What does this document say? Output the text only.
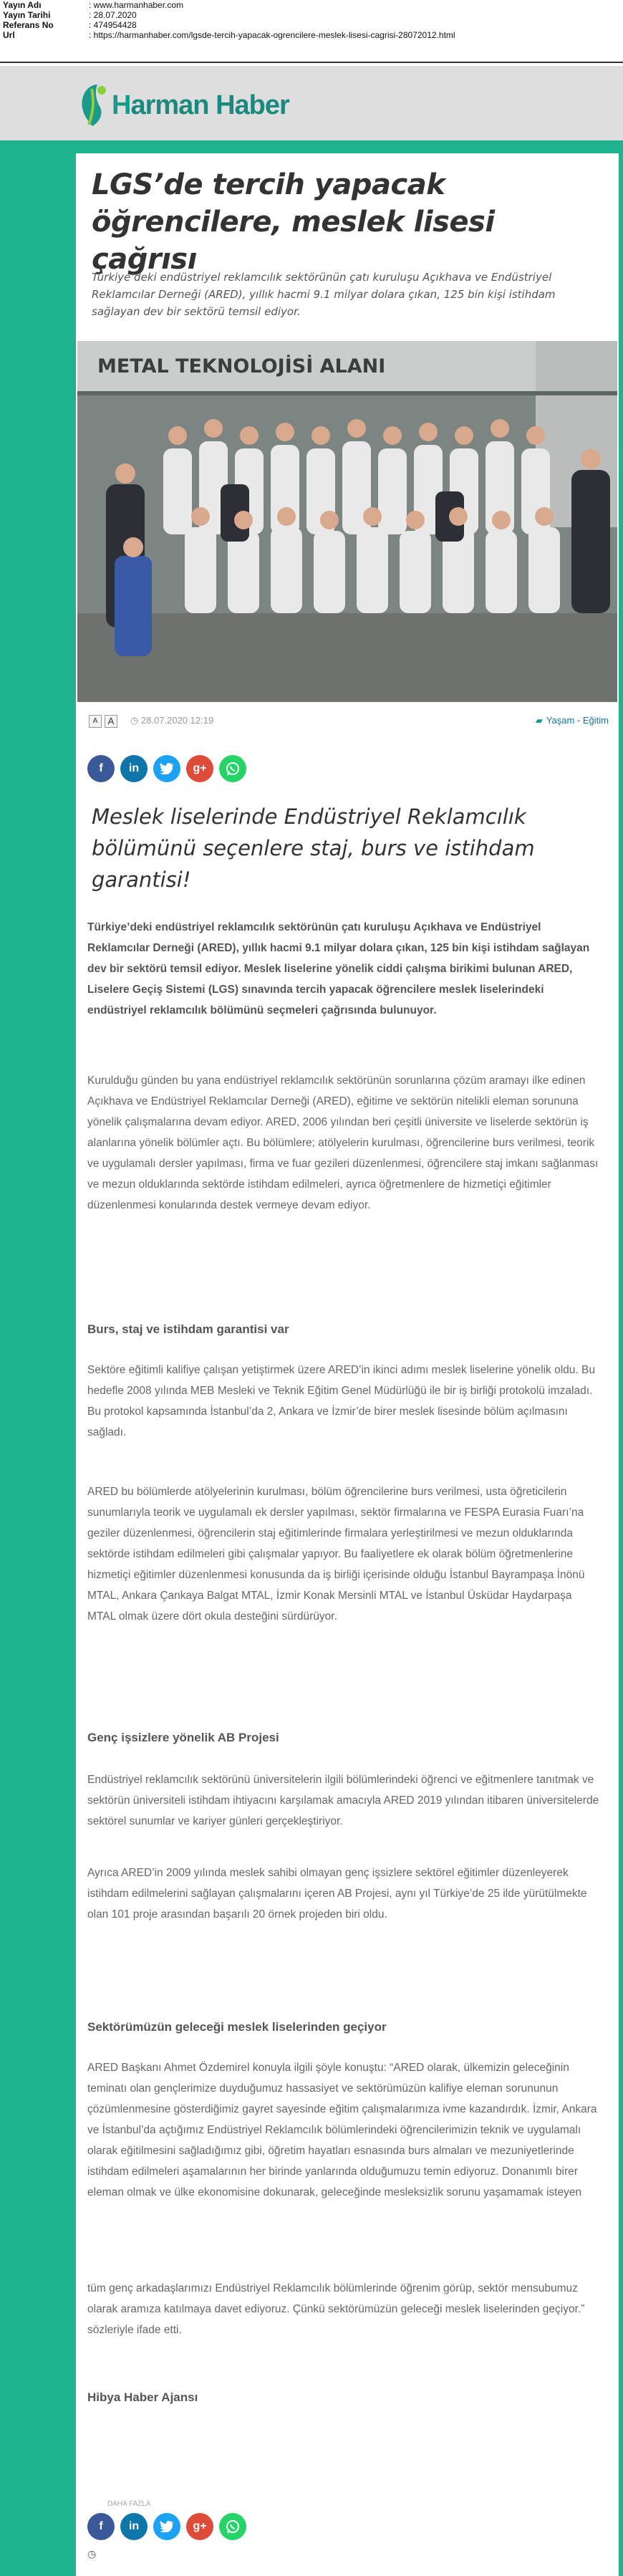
Yayın Adı	: www.harmanhaber.com
Yayın Tarihi	: 28.07.2020
Referans No	: 474954428
Url	: https://harmanhaber.com/lgsde-tercih-yapacak-ogrencilere-meslek-lisesi-cagrisi-28072012.html
Harman Haber
LGS’de tercih yapacak öğrencilere, meslek lisesi çağrısı

Türkiye’deki endüstriyel reklamcılık sektörünün çatı kuruluşu Açıkhava ve Endüstriyel Reklamcılar Derneği (ARED), yıllık hacmi 9.1 milyar dolara çıkan, 125 bin kişi istihdam sağlayan dev bir sektörü temsil ediyor.

METAL TEKNOLOJİSİ ALANI
A	A	◷ 28.07.2020 12:19	▰ Yaşam - Eğitim
f	in	g+
Meslek liselerinde Endüstriyel Reklamcılık bölümünü seçenlere staj, burs ve istihdam garantisi!

Türkiye’deki endüstriyel reklamcılık sektörünün çatı kuruluşu Açıkhava ve Endüstriyel Reklamcılar Derneği (ARED), yıllık hacmi 9.1 milyar dolara çıkan, 125 bin kişi istihdam sağlayan dev bir sektörü temsil ediyor. Meslek liselerine yönelik ciddi çalışma birikimi bulunan ARED, Liselere Geçiş Sistemi (LGS) sınavında tercih yapacak öğrencilere meslek liselerindeki endüstriyel reklamcılık bölümünü seçmeleri çağrısında bulunuyor.

Kurulduğu günden bu yana endüstriyel reklamcılık sektörünün sorunlarına çözüm aramayı ilke edinen Açıkhava ve Endüstriyel Reklamcılar Derneği (ARED), eğitime ve sektörün nitelikli eleman sorununa yönelik çalışmalarına devam ediyor. ARED, 2006 yılından beri çeşitli üniversite ve liselerde sektörün iş alanlarına yönelik bölümler açtı. Bu bölümlere; atölyelerin kurulması, öğrencilerine burs verilmesi, teorik ve uygulamalı dersler yapılması, firma ve fuar gezileri düzenlenmesi, öğrencilere staj imkanı sağlanması ve mezun olduklarında sektörde istihdam edilmeleri, ayrıca öğretmenlere de hizmetiçi eğitimler düzenlenmesi konularında destek vermeye devam ediyor.

Burs, staj ve istihdam garantisi var

Sektöre eğitimli kalifiye çalışan yetiştirmek üzere ARED’in ikinci adımı meslek liselerine yönelik oldu. Bu hedefle 2008 yılında MEB Mesleki ve Teknik Eğitim Genel Müdürlüğü ile bir iş birliği protokolü imzaladı. Bu protokol kapsamında İstanbul’da 2, Ankara ve İzmir’de birer meslek lisesinde bölüm açılmasını sağladı.

ARED bu bölümlerde atölyelerinin kurulması, bölüm öğrencilerine burs verilmesi, usta öğreticilerin sunumlarıyla teorik ve uygulamalı ek dersler yapılması, sektör firmalarına ve FESPA Eurasia Fuarı’na geziler düzenlenmesi, öğrencilerin staj eğitimlerinde firmalara yerleştirilmesi ve mezun olduklarında sektörde istihdam edilmeleri gibi çalışmalar yapıyor. Bu faaliyetlere ek olarak bölüm öğretmenlerine hizmetiçi eğitimler düzenlenmesi konusunda da iş birliği içerisinde olduğu İstanbul Bayrampaşa İnönü MTAL, Ankara Çankaya Balgat MTAL, İzmir Konak Mersinli MTAL ve İstanbul Üsküdar Haydarpaşa MTAL olmak üzere dört okula desteğini sürdürüyor.

Genç işsizlere yönelik AB Projesi

Endüstriyel reklamcılık sektörünü üniversitelerin ilgili bölümlerindeki öğrenci ve eğitmenlere tanıtmak ve sektörün üniversiteli istihdam ihtiyacını karşılamak amacıyla ARED 2019 yılından itibaren üniversitelerde sektörel sunumlar ve kariyer günleri gerçekleştiriyor.

Ayrıca ARED’in 2009 yılında meslek sahibi olmayan genç işsizlere sektörel eğitimler düzenleyerek istihdam edilmelerini sağlayan çalışmalarını içeren AB Projesi, aynı yıl Türkiye’de 25 ilde yürütülmekte olan 101 proje arasından başarılı 20 örnek projeden biri oldu.

Sektörümüzün geleceği meslek liselerinden geçiyor

ARED Başkanı Ahmet Özdemirel konuyla ilgili şöyle konuştu: “ARED olarak, ülkemizin geleceğinin teminatı olan gençlerimize duyduğumuz hassasiyet ve sektörümüzün kalifiye eleman sorununun çözümlenmesine gösterdiğimiz gayret sayesinde eğitim çalışmalarımıza ivme kazandırdık. İzmir, Ankara ve İstanbul’da açtığımız Endüstriyel Reklamcılık bölümlerindeki öğrencilerimizin teknik ve uygulamalı olarak eğitilmesini sağladığımız gibi, öğretim hayatları esnasında burs almaları ve mezuniyetlerinde istihdam edilmeleri aşamalarının her birinde yanlarında olduğumuzu temin ediyoruz. Donanımlı birer eleman olmak ve ülke ekonomisine dokunarak, geleceğinde mesleksizlik sorunu yaşamamak isteyen

tüm genç arkadaşlarımızı Endüstriyel Reklamcılık bölümlerinde öğrenim görüp, sektör mensubumuz olarak aramıza katılmaya davet ediyoruz. Çünkü sektörümüzün geleceği meslek liselerinden geçiyor.” sözleriyle ifade etti.

Hibya Haber Ajansı
DAHA FAZLA
f	in	g+
◷
